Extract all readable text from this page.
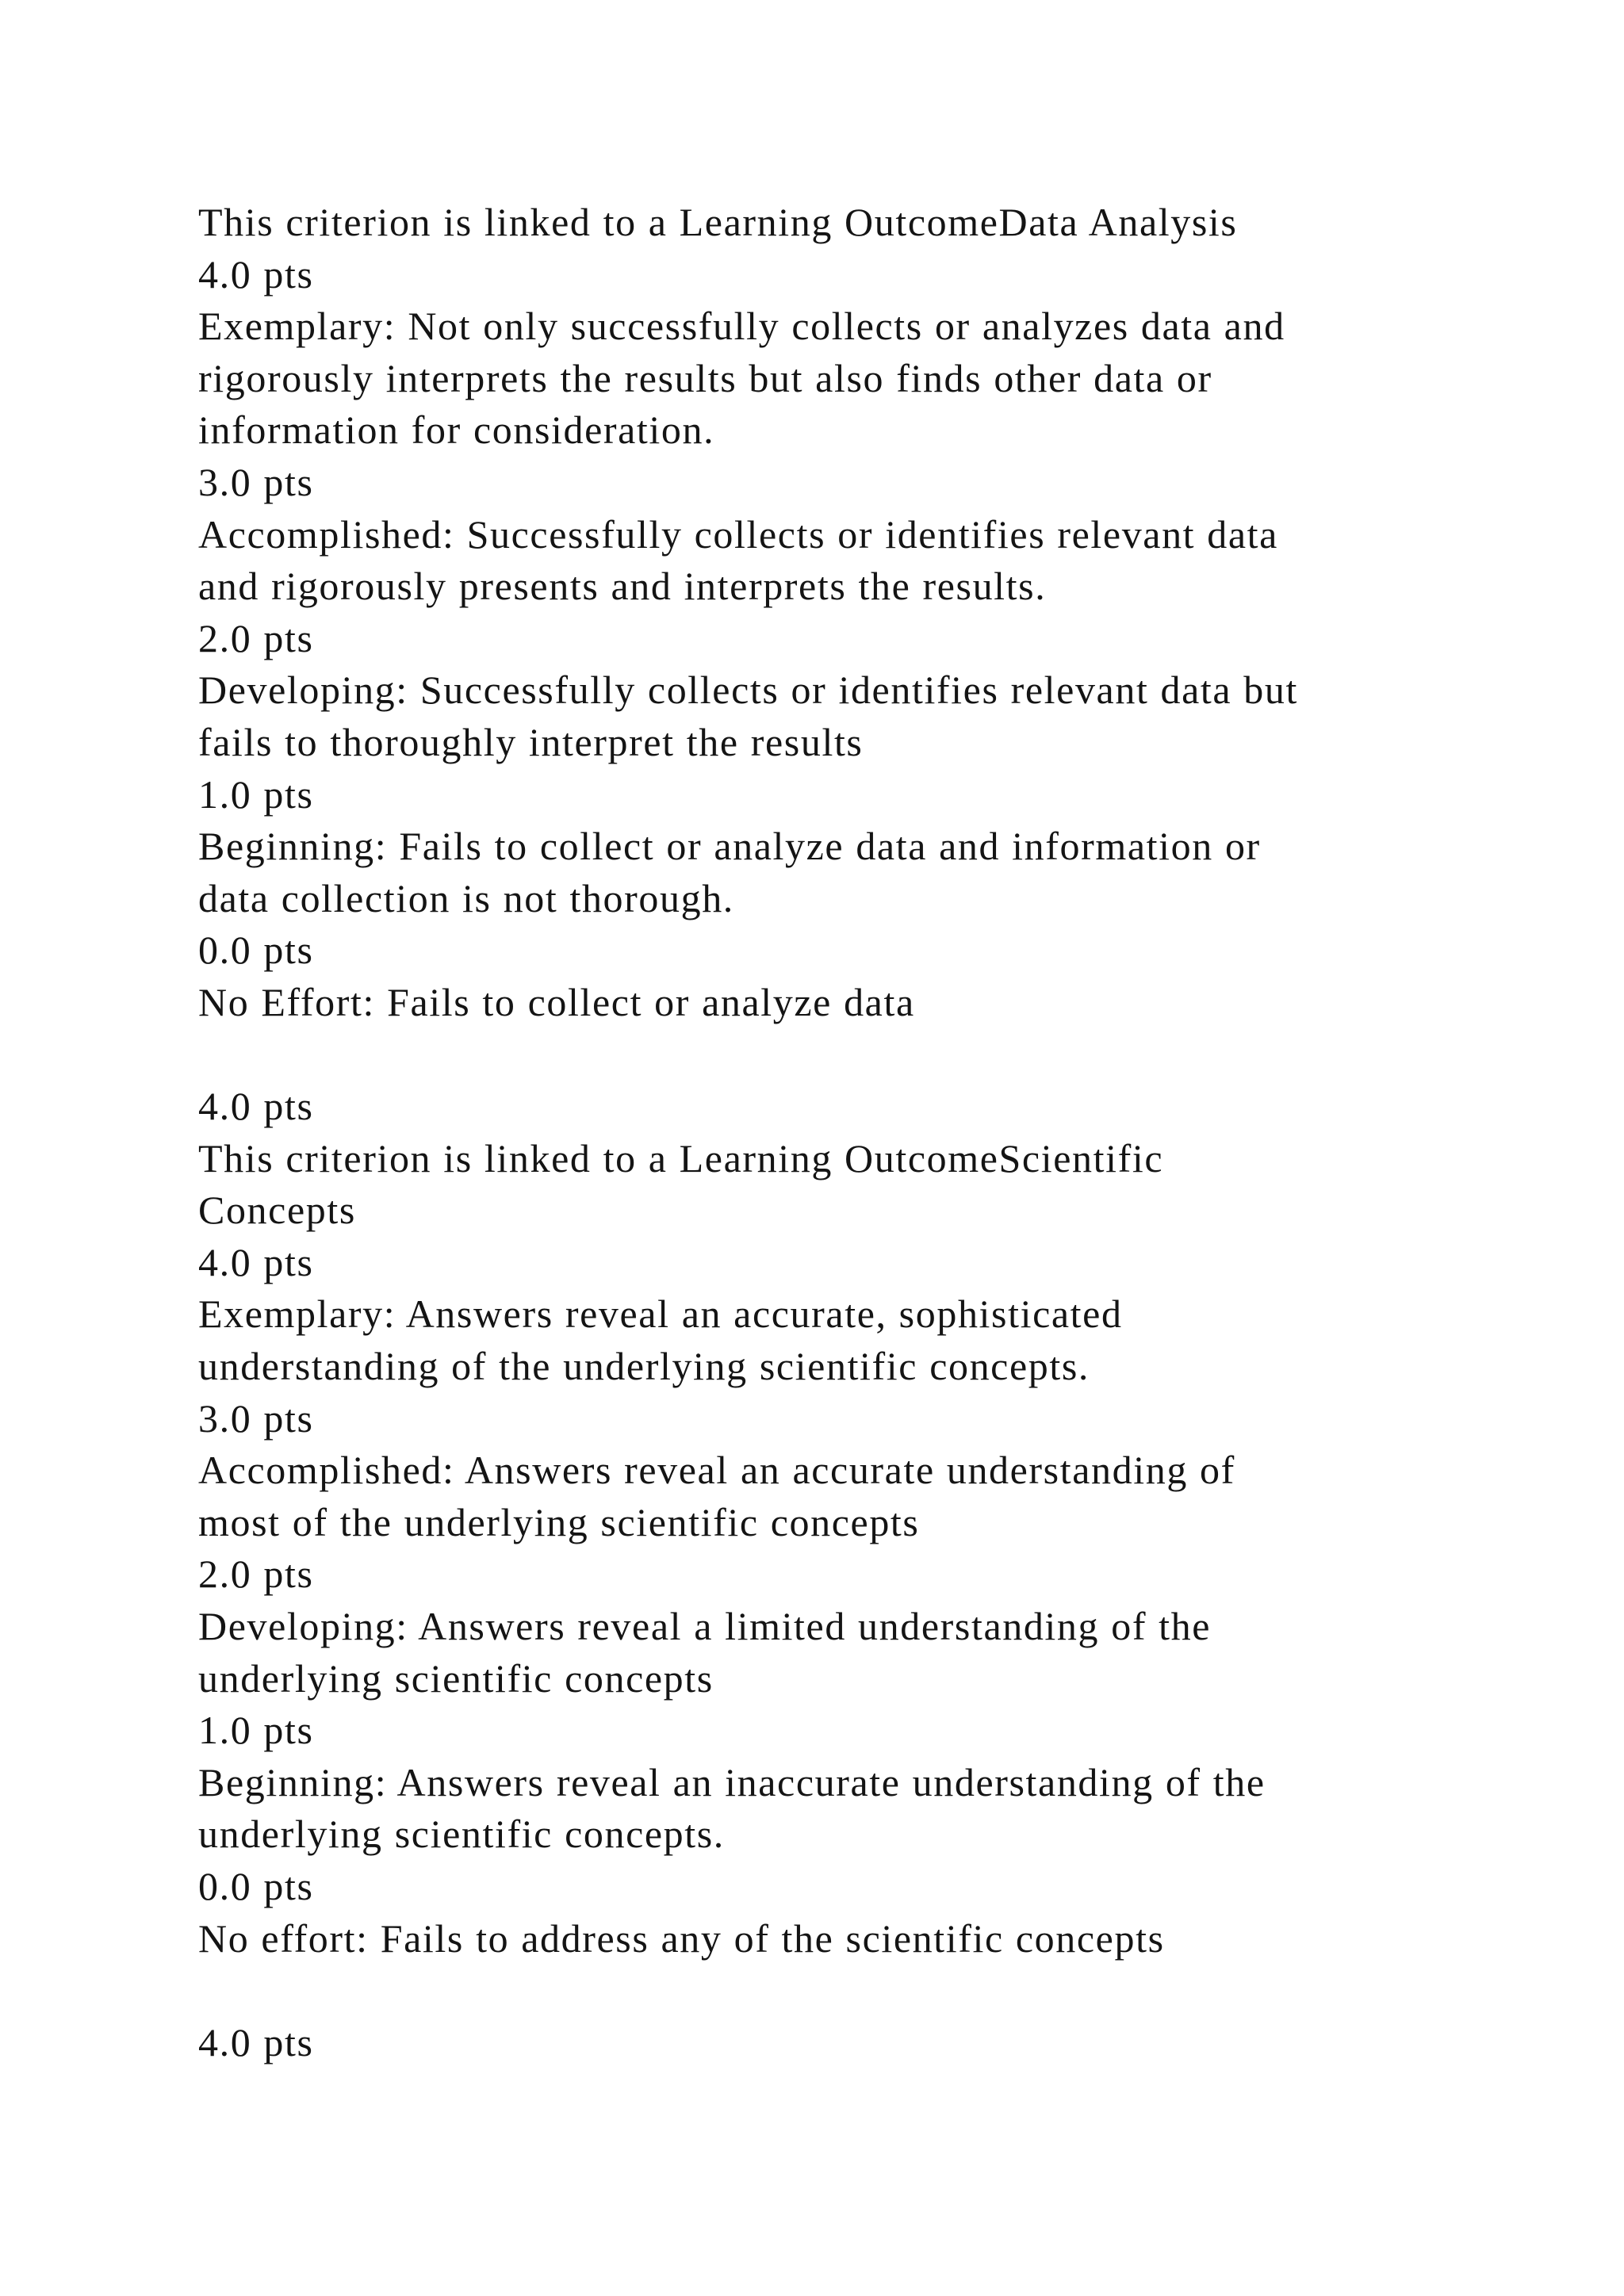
This criterion is linked to a Learning OutcomeData Analysis
4.0 pts
Exemplary: Not only successfully collects or analyzes data and
rigorously interprets the results but also finds other data or
information for consideration.
3.0 pts
Accomplished: Successfully collects or identifies relevant data
and rigorously presents and interprets the results.
2.0 pts
Developing: Successfully collects or identifies relevant data but
fails to thoroughly interpret the results
1.0 pts
Beginning: Fails to collect or analyze data and information or
data collection is not thorough.
0.0 pts
No Effort: Fails to collect or analyze data
4.0 pts
This criterion is linked to a Learning OutcomeScientific
Concepts
4.0 pts
Exemplary: Answers reveal an accurate, sophisticated
understanding of the underlying scientific concepts.
3.0 pts
Accomplished: Answers reveal an accurate understanding of
most of the underlying scientific concepts
2.0 pts
Developing: Answers reveal a limited understanding of the
underlying scientific concepts
1.0 pts
Beginning: Answers reveal an inaccurate understanding of the
underlying scientific concepts.
0.0 pts
No effort: Fails to address any of the scientific concepts
4.0 pts
